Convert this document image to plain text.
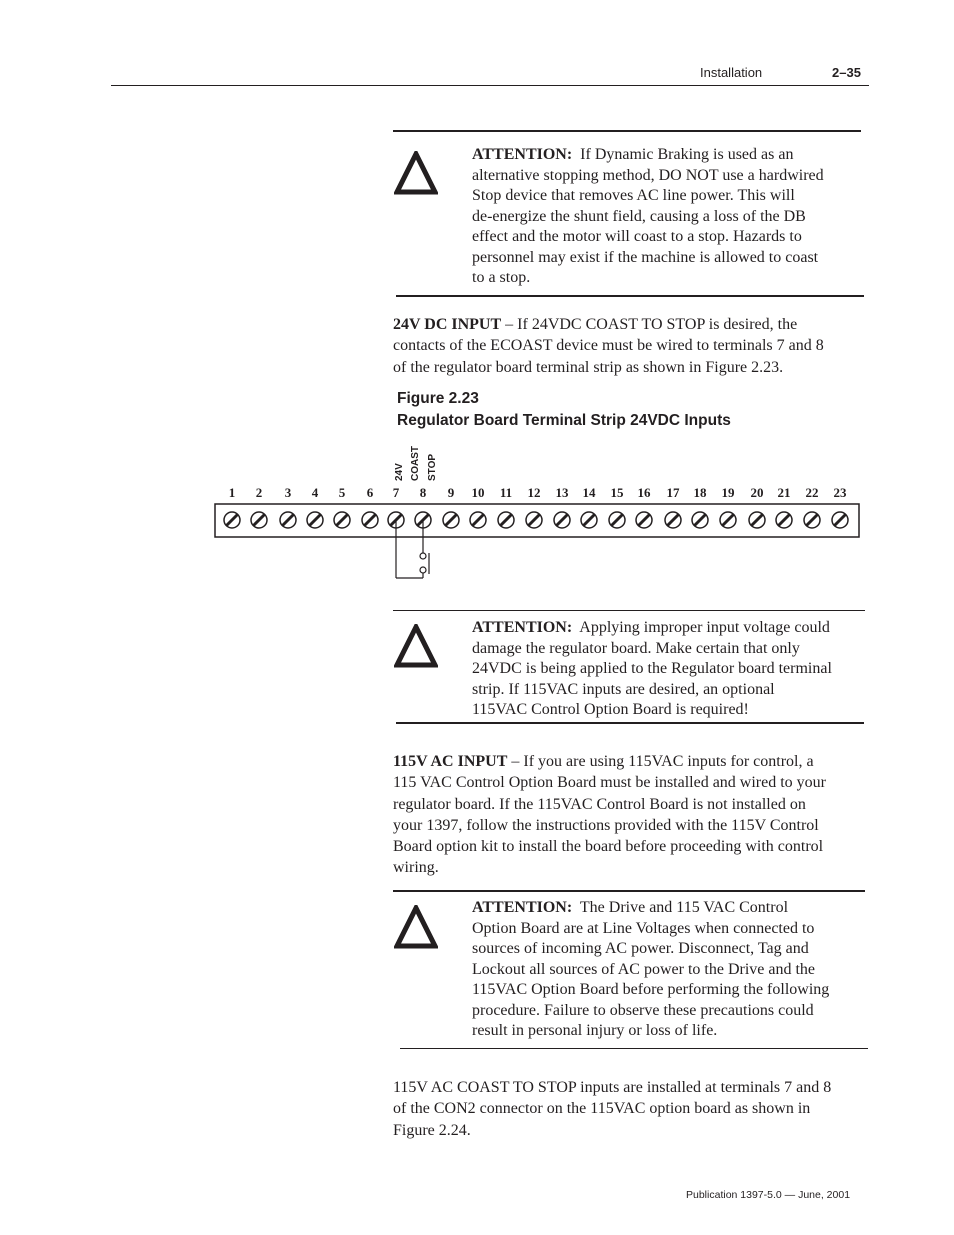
Installation	2–35
ATTENTION: If Dynamic Braking is used as an
alternative stopping method, DO NOT use a hardwired
Stop device that removes AC line power. This will
de-energize the shunt field, causing a loss of the DB
effect and the motor will coast to a stop. Hazards to
personnel may exist if the machine is allowed to coast
to a stop.
24V DC INPUT – If 24VDC COAST TO STOP is desired, the
contacts of the ECOAST device must be wired to terminals 7 and 8
of the regulator board terminal strip as shown in Figure 2.23.
Figure 2.23
Regulator Board Terminal Strip 24VDC Inputs
24V COAST STOP
1 2 3 4 5 6 7 8 9 10 11 12 13 14 15 16 17 18 19 20 21 22 23
ATTENTION: Applying improper input voltage could
damage the regulator board. Make certain that only
24VDC is being applied to the Regulator board terminal
strip. If 115VAC inputs are desired, an optional
115VAC Control Option Board is required!
115V AC INPUT – If you are using 115VAC inputs for control, a
115 VAC Control Option Board must be installed and wired to your
regulator board. If the 115VAC Control Board is not installed on
your 1397, follow the instructions provided with the 115V Control
Board option kit to install the board before proceeding with control
wiring.
ATTENTION: The Drive and 115 VAC Control
Option Board are at Line Voltages when connected to
sources of incoming AC power. Disconnect, Tag and
Lockout all sources of AC power to the Drive and the
115VAC Option Board before performing the following
procedure. Failure to observe these precautions could
result in personal injury or loss of life.
115V AC COAST TO STOP inputs are installed at terminals 7 and 8
of the CON2 connector on the 115VAC option board as shown in
Figure 2.24.
Publication 1397-5.0 — June, 2001
